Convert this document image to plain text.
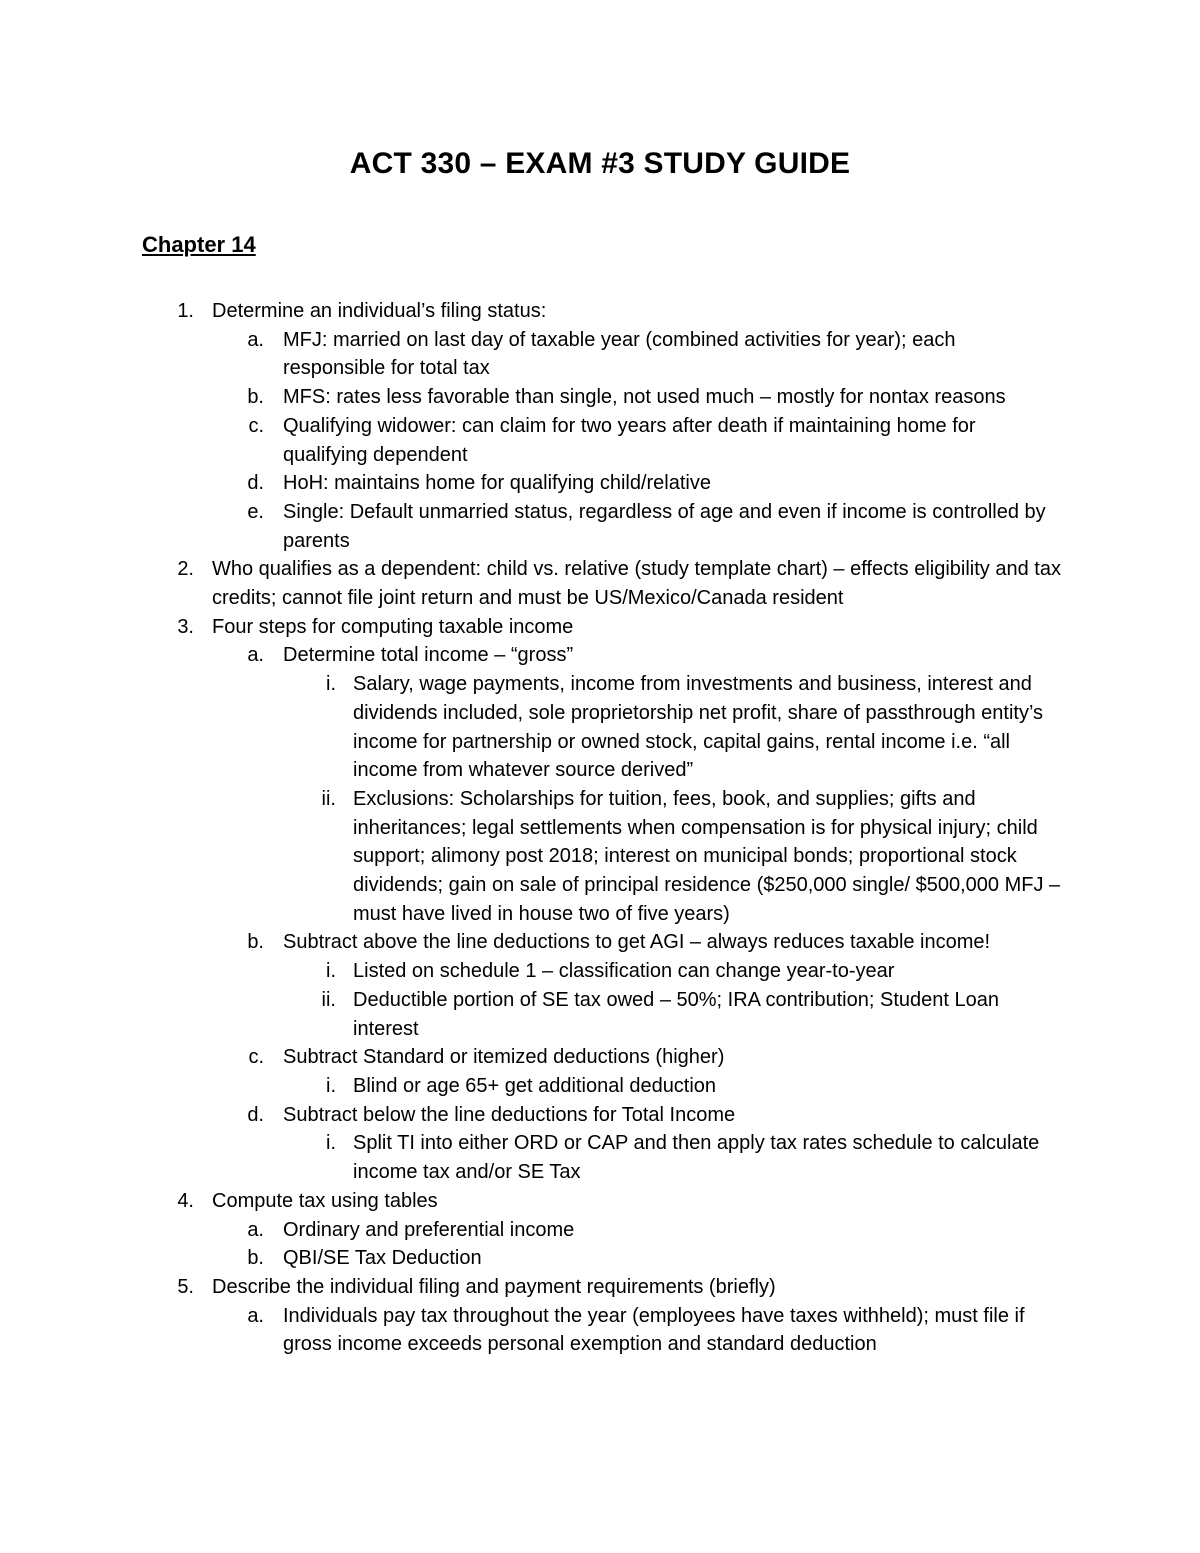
ACT 330 – EXAM #3 STUDY GUIDE
Chapter 14
1. Determine an individual’s filing status:
a. MFJ: married on last day of taxable year (combined activities for year); each responsible for total tax
b. MFS: rates less favorable than single, not used much – mostly for nontax reasons
c. Qualifying widower: can claim for two years after death if maintaining home for qualifying dependent
d. HoH: maintains home for qualifying child/relative
e. Single: Default unmarried status, regardless of age and even if income is controlled by parents
2. Who qualifies as a dependent: child vs. relative (study template chart) – effects eligibility and tax credits; cannot file joint return and must be US/Mexico/Canada resident
3. Four steps for computing taxable income
a. Determine total income – “gross”
i. Salary, wage payments, income from investments and business, interest and dividends included, sole proprietorship net profit, share of passthrough entity’s income for partnership or owned stock, capital gains, rental income i.e. “all income from whatever source derived”
ii. Exclusions: Scholarships for tuition, fees, book, and supplies; gifts and inheritances; legal settlements when compensation is for physical injury; child support; alimony post 2018; interest on municipal bonds; proportional stock dividends; gain on sale of principal residence ($250,000 single/ $500,000 MFJ – must have lived in house two of five years)
b. Subtract above the line deductions to get AGI – always reduces taxable income!
i. Listed on schedule 1 – classification can change year-to-year
ii. Deductible portion of SE tax owed – 50%; IRA contribution; Student Loan interest
c. Subtract Standard or itemized deductions (higher)
i. Blind or age 65+ get additional deduction
d. Subtract below the line deductions for Total Income
i. Split TI into either ORD or CAP and then apply tax rates schedule to calculate income tax and/or SE Tax
4. Compute tax using tables
a. Ordinary and preferential income
b. QBI/SE Tax Deduction
5. Describe the individual filing and payment requirements (briefly)
a. Individuals pay tax throughout the year (employees have taxes withheld); must file if gross income exceeds personal exemption and standard deduction
